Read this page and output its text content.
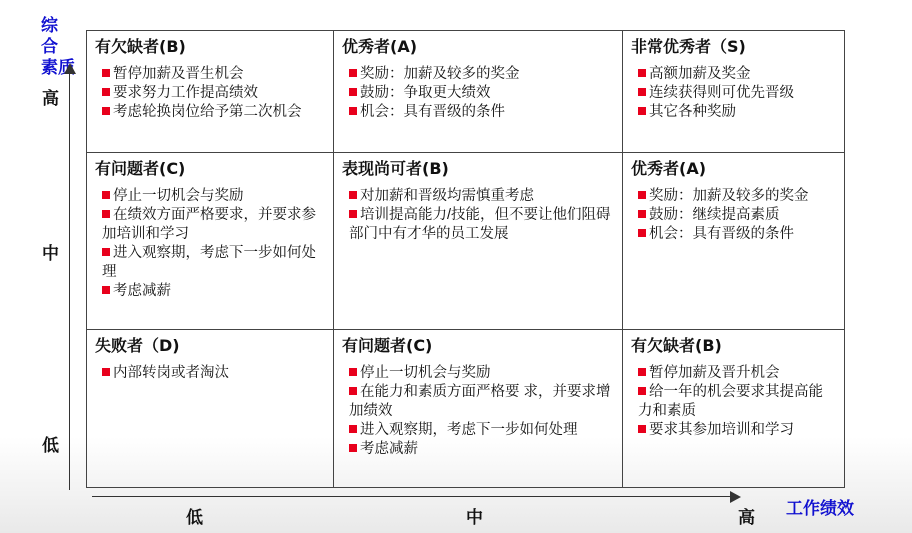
综合
素质
高
中
低
低	中	高 工作绩效
有欠缺者(B)
暂停加薪及晋生机会
要求努力工作提高绩效
考虑轮换岗位给予第二次机会
优秀者(A)
奖励：加薪及较多的奖金
鼓励：争取更大绩效
机会：具有晋级的条件
非常优秀者（S)
高额加薪及奖金
连续获得则可优先晋级
其它各种奖励
有问题者(C)
停止一切机会与奖励
在绩效方面严格要求，并要求参加培训和学习
进入观察期，考虑下一步如何处理
考虑减薪
表现尚可者(B)
对加薪和晋级均需慎重考虑
培训提高能力/技能，但不要让他们阻碍部门中有才华的员工发展
优秀者(A)
奖励：加薪及较多的奖金
鼓励：继续提高素质
机会：具有晋级的条件
失败者（D)
内部转岗或者淘汰
有问题者(C)
停止一切机会与奖励
在能力和素质方面严格要 求，并要求增加绩效
进入观察期，考虑下一步如何处理
考虑减薪
有欠缺者(B)
暂停加薪及晋升机会
给一年的机会要求其提高能力和素质
要求其参加培训和学习
